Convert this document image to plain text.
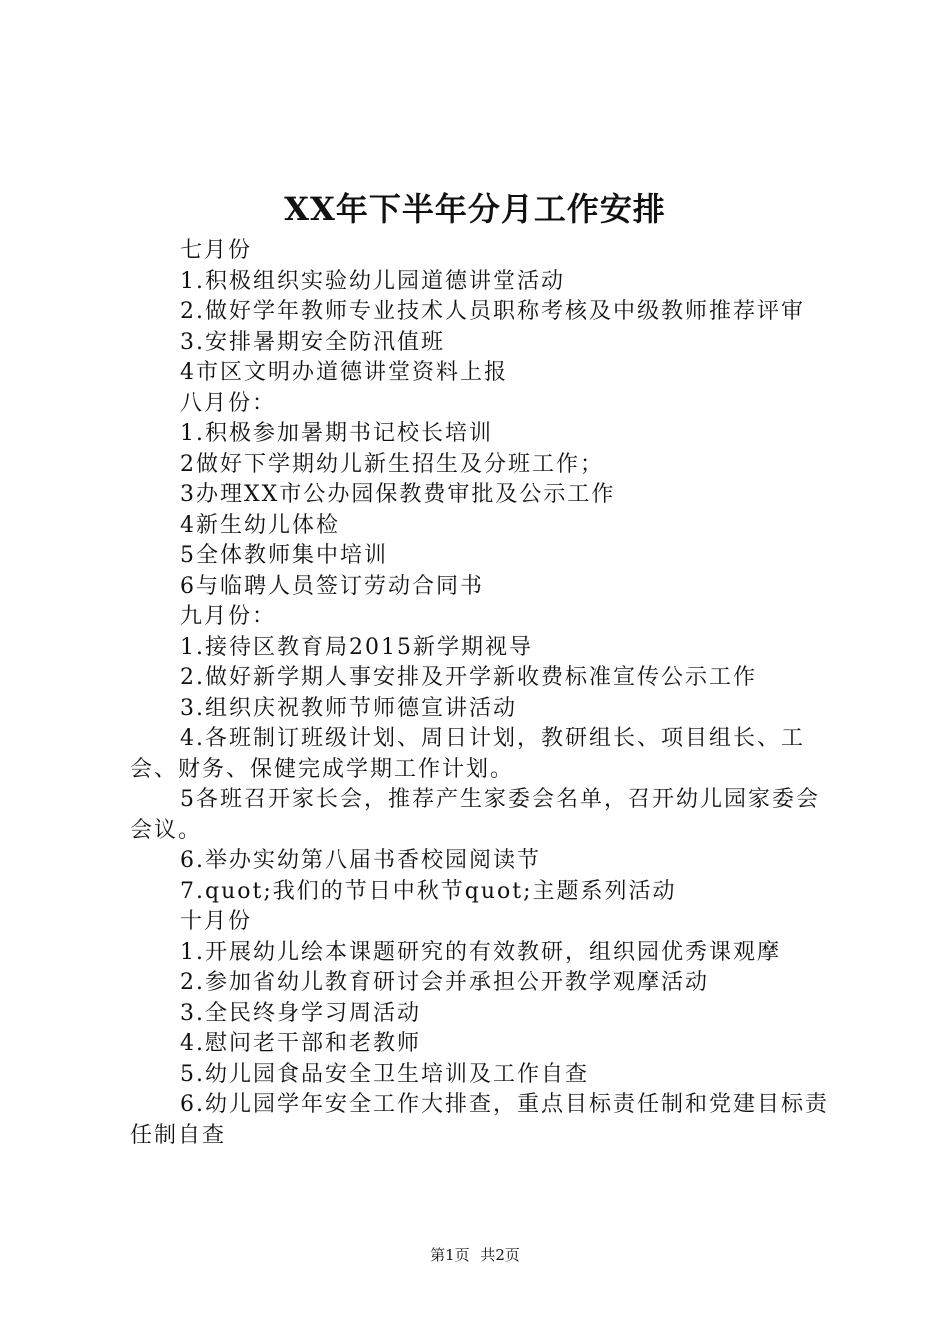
XX年下半年分月工作安排

七月份

1.积极组织实验幼儿园道德讲堂活动

2.做好学年教师专业技术人员职称考核及中级教师推荐评审

3.安排暑期安全防汛值班

4市区文明办道德讲堂资料上报

八月份：

1.积极参加暑期书记校长培训

2做好下学期幼儿新生招生及分班工作；

3办理XX市公办园保教费审批及公示工作

4新生幼儿体检

5全体教师集中培训

6与临聘人员签订劳动合同书

九月份：

1.接待区教育局2015新学期视导

2.做好新学期人事安排及开学新收费标准宣传公示工作

3.组织庆祝教师节师德宣讲活动

4.各班制订班级计划、周日计划，教研组长、项目组长、工会、财务、保健完成学期工作计划。

5各班召开家长会，推荐产生家委会名单，召开幼儿园家委会会议。

6.举办实幼第八届书香校园阅读节

7.quot;我们的节日中秋节quot;主题系列活动

十月份

1.开展幼儿绘本课题研究的有效教研，组织园优秀课观摩

2.参加省幼儿教育研讨会并承担公开教学观摩活动

3.全民终身学习周活动

4.慰问老干部和老教师

5.幼儿园食品安全卫生培训及工作自查

6.幼儿园学年安全工作大排查，重点目标责任制和党建目标责任制自查

第1页 共2页
